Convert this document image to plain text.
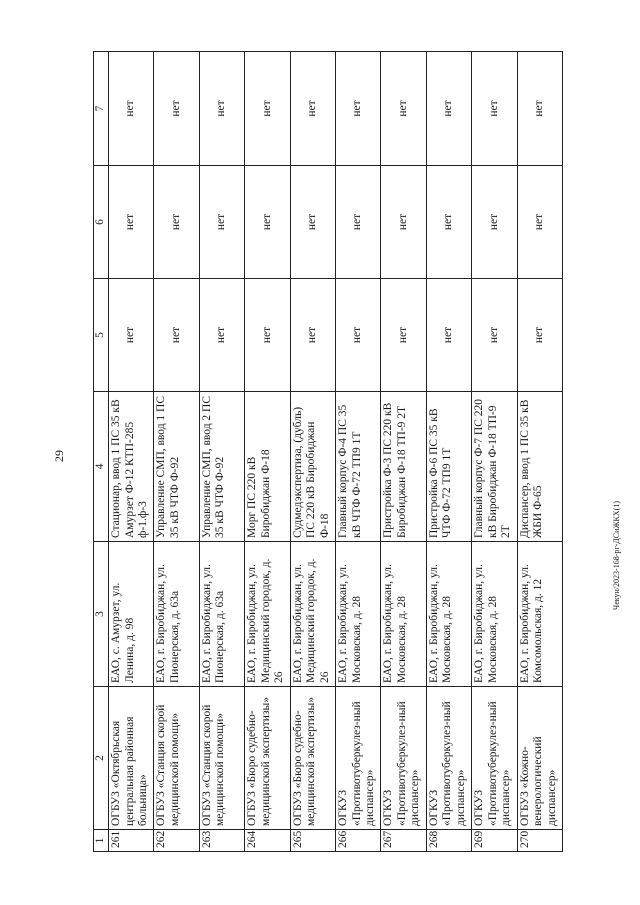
29
Чекун/2023-168-рг-ДСиЖКХ(1)
1	2	3	4	5	6	7
261	ОГБУЗ «Октябрьская центральная районная больница»	ЕАО, с. Амурзет, ул. Ленина, д. 98	Стационар, ввод 1 ПС 35 кВ Амурзет Ф-12 КТП-285 ф-1.ф-3	нет	нет	нет
262	ОГБУЗ «Станция скорой медицинской помощи»	ЕАО, г. Биробиджан, ул. Пионерская, д. 63а	Управление СМП, ввод 1 ПС 35 кВ ЧТФ Ф-92	нет	нет	нет
263	ОГБУЗ «Станция скорой медицинской помощи»	ЕАО, г. Биробиджан, ул. Пионерская, д. 63а	Управление СМП, ввод 2 ПС 35 кВ ЧТФ Ф-92	нет	нет	нет
264	ОГБУЗ «Бюро судебно-медицинской экспертизы»	ЕАО, г. Биробиджан, ул. Медицинский городок, д. 26	Морг ПС 220 кВ Биробиджан Ф-18	нет	нет	нет
265	ОГБУЗ «Бюро судебно-медицинской экспертизы»	ЕАО, г. Биробиджан, ул. Медицинский городок, д. 26	Судмедэкспертиза, (дубль) ПС 220 кВ Биробиджан Ф-18	нет	нет	нет
266	ОГКУЗ «Противотуберкулез-ный диспансер»	ЕАО, г. Биробиджан, ул. Московская, д. 28	Главный корпус Ф-4 ПС 35 кВ ЧТФ Ф-72 ТП9 1Т	нет	нет	нет
267	ОГКУЗ «Противотуберкулез-ный диспансер»	ЕАО, г. Биробиджан, ул. Московская, д. 28	Пристройка Ф-3 ПС 220 кВ Биробиджан Ф-18 ТП-9 2Т	нет	нет	нет
268	ОГКУЗ «Противотуберкулез-ный диспансер»	ЕАО, г. Биробиджан, ул. Московская, д. 28	Пристройка Ф-6 ПС 35 кВ ЧТФ Ф-72 ТП9 1Т	нет	нет	нет
269	ОГКУЗ «Противотуберкулез-ный диспансер»	ЕАО, г. Биробиджан, ул. Московская, д. 28	Главный корпус Ф-7 ПС 220 кВ Биробиджан Ф-18 ТП-9 2Т	нет	нет	нет
270	ОГБУЗ «Кожно-венерологический диспансер»	ЕАО, г. Биробиджан, ул. Комсомольская, д. 12	Диспансер, ввод 1 ПС 35 кВ ЖБИ Ф-65	нет	нет	нет
